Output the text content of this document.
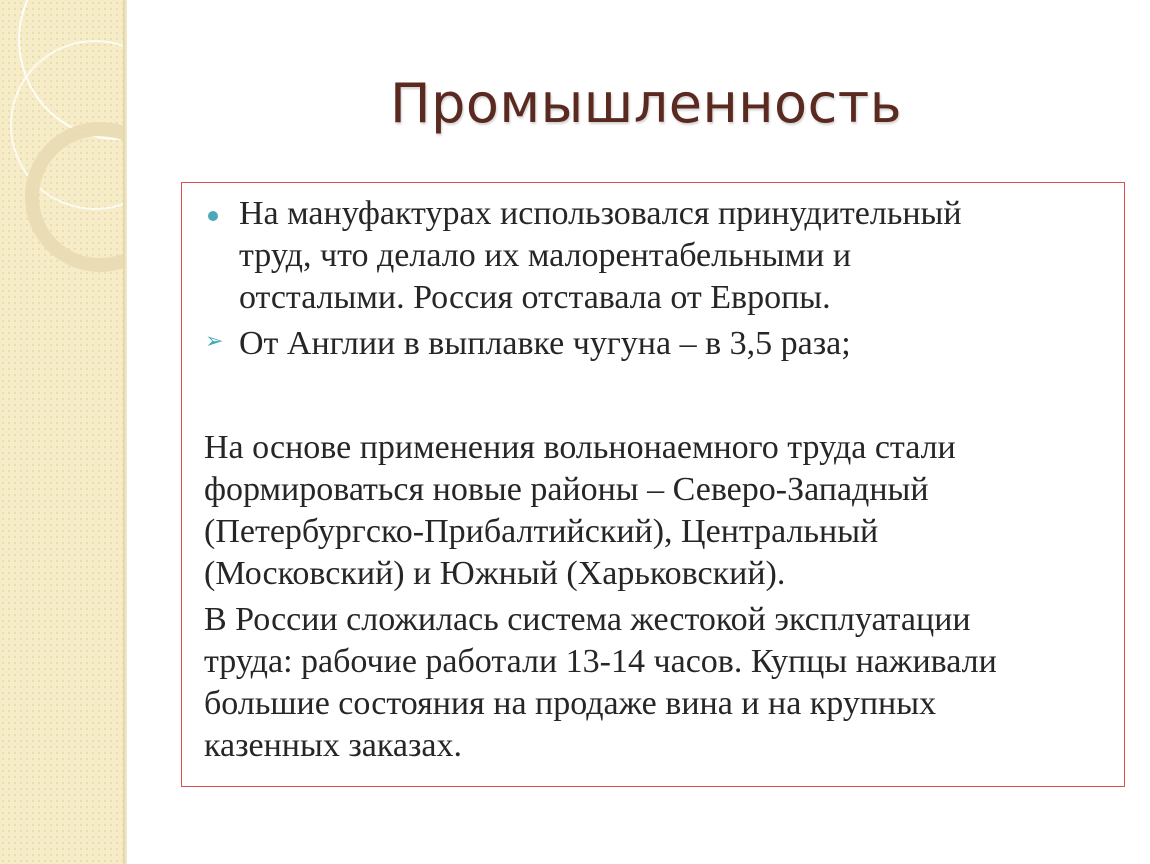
Промышленность

На мануфактурах использовался принудительный

труд, что делало их малорентабельными и

отсталыми. Россия отставала от Европы.

➢ От Англии в выплавке чугуна – в 3,5 раза;

На основе применения вольнонаемного труда стали

формироваться новые районы – Северо-Западный

(Петербургско-Прибалтийский), Центральный

(Московский) и Южный (Харьковский).

В России сложилась система жестокой эксплуатации

труда: рабочие работали 13-14 часов. Купцы наживали

большие состояния на продаже вина и на крупных

казенных заказах.
